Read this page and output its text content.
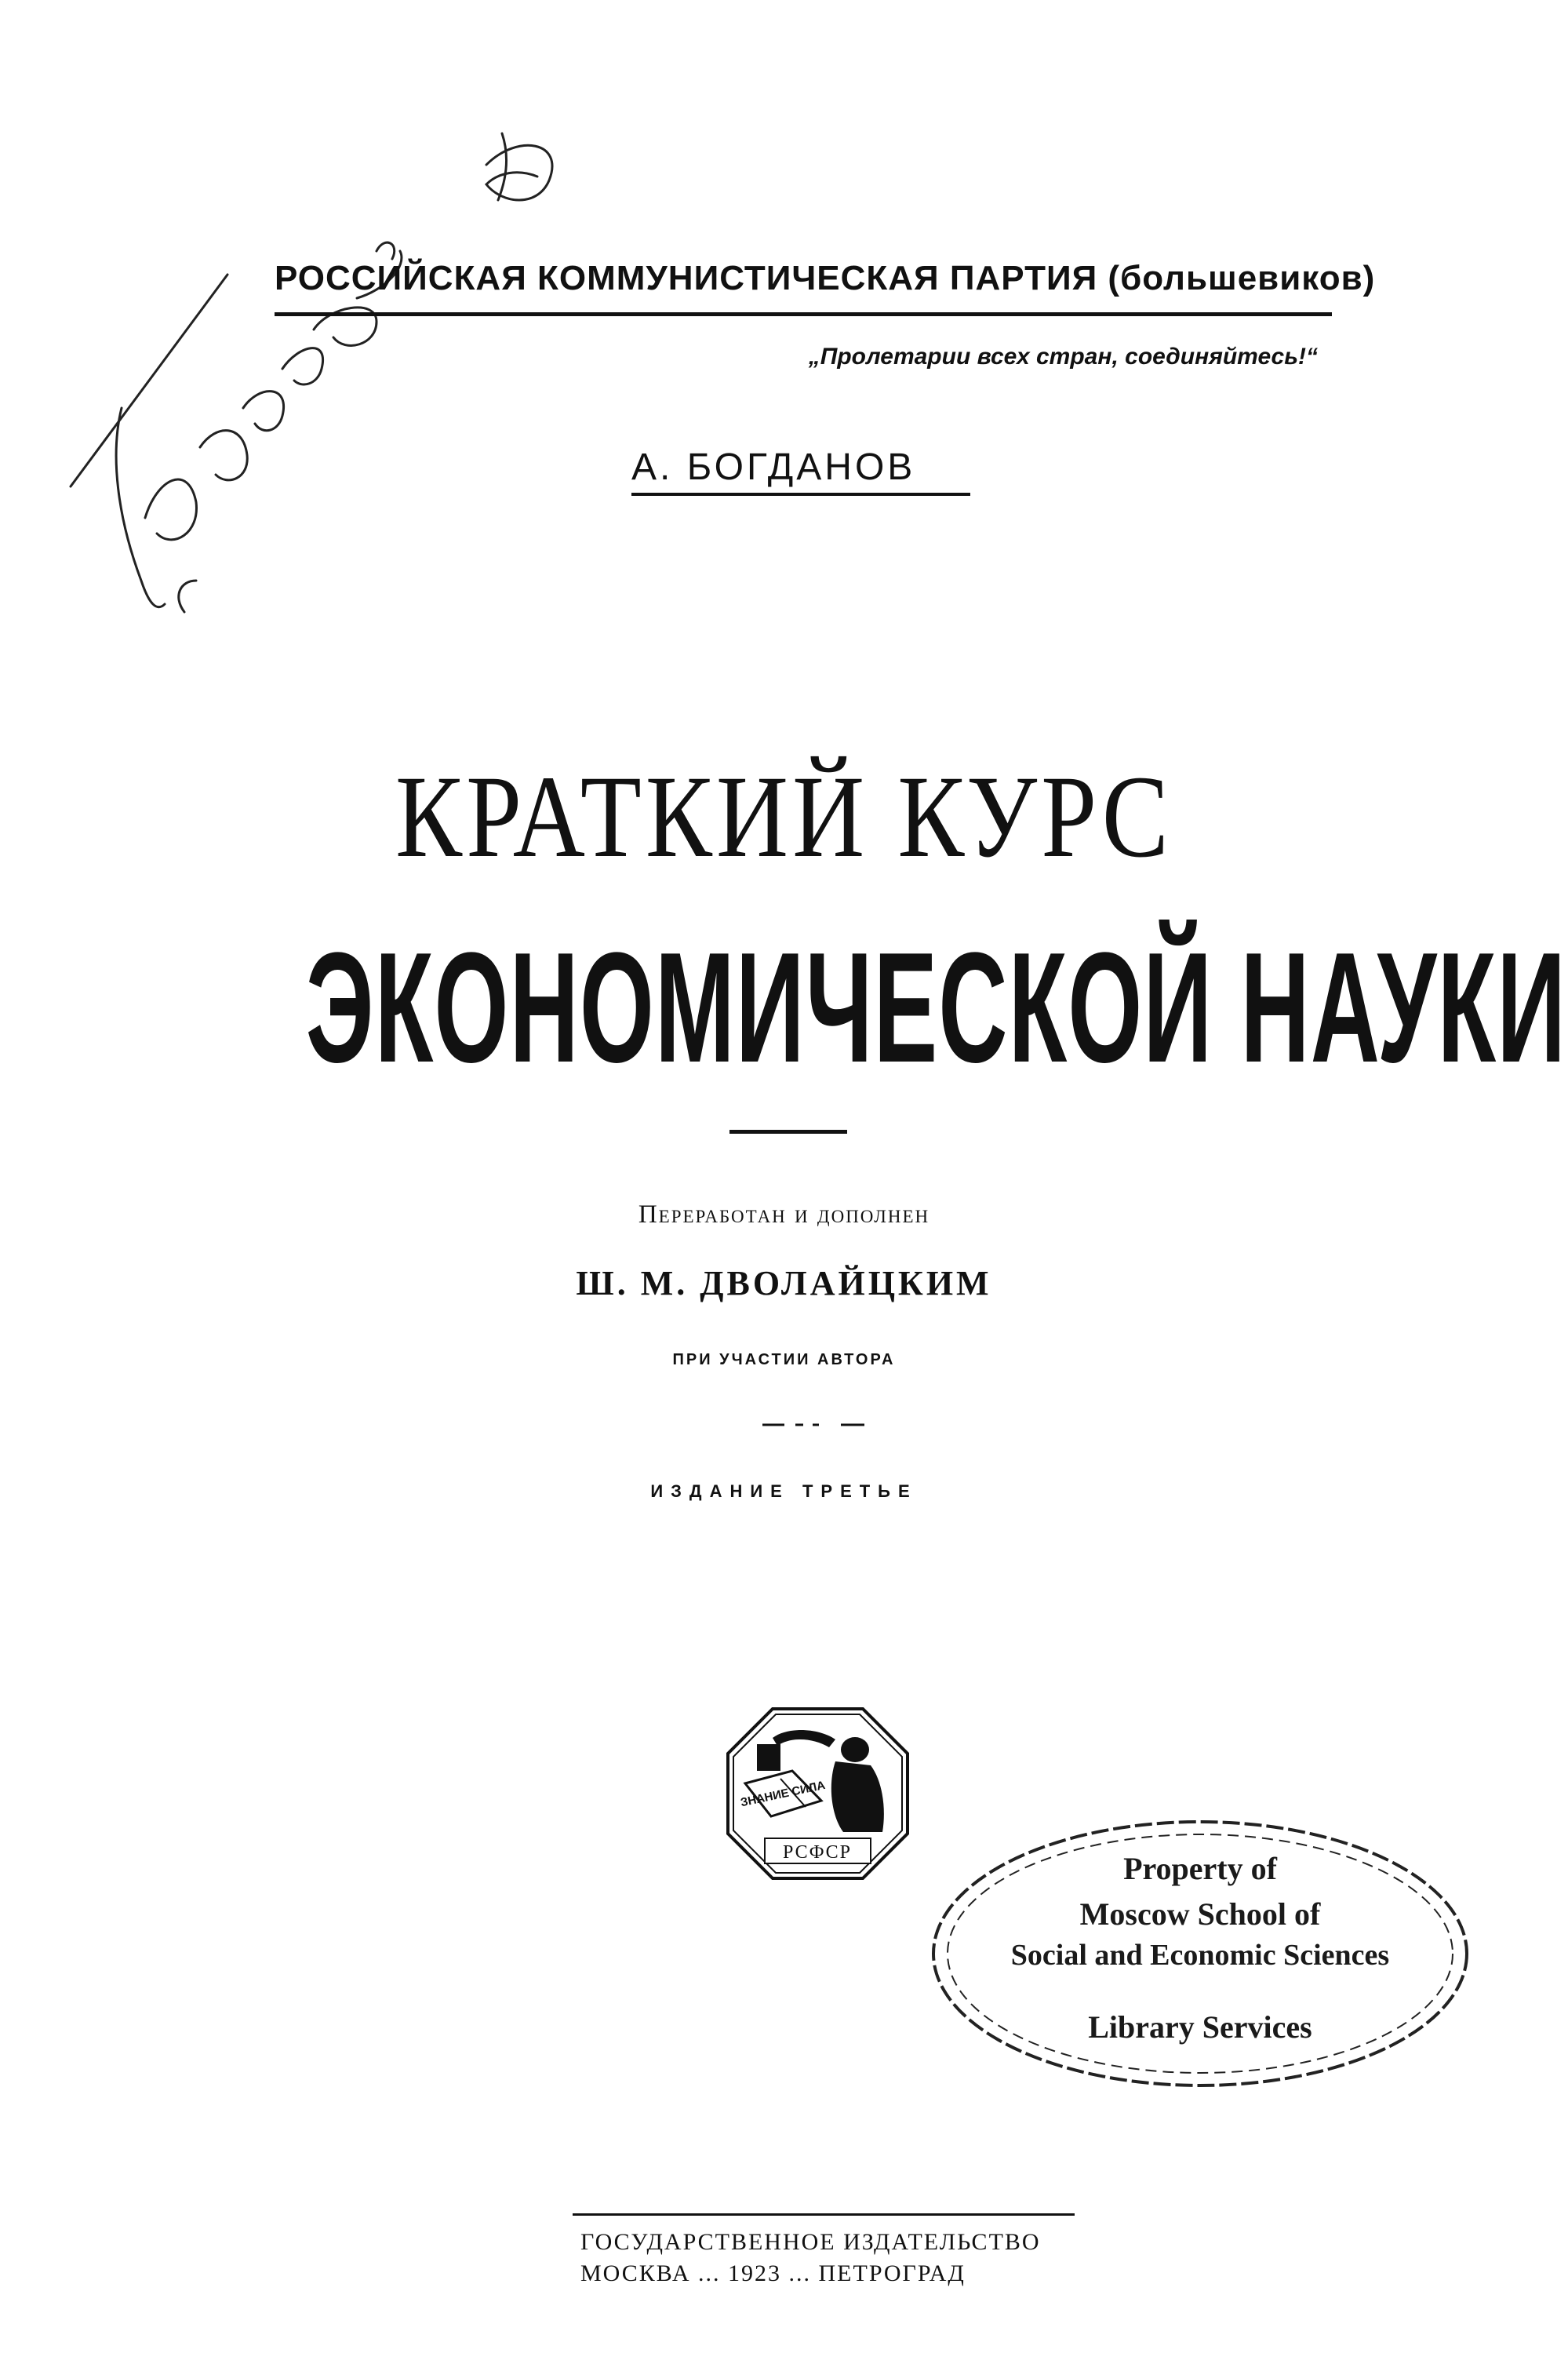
РОССИЙСКАЯ КОММУНИСТИЧЕСКАЯ ПАРТИЯ (большевиков)
„Пролетарии всех стран, соединяйтесь!“
А. БОГДАНОВ
КРАТКИЙ КУРС
ЭКОНОМИЧЕСКОЙ НАУКИ
Переработан и дополнен
Ш. М. ДВОЛАЙЦКИМ
ПРИ УЧАСТИИ АВТОРА
ИЗДАНИЕ ТРЕТЬЕ
ЗНАНИЕ СИЛА
РСФСР	Property of
Moscow School of
Social and Economic Sciences
Library Services
ГОСУДАРСТВЕННОЕ ИЗДАТЕЛЬСТВО
МОСКВА ... 1923 ... ПЕТРОГРАД
